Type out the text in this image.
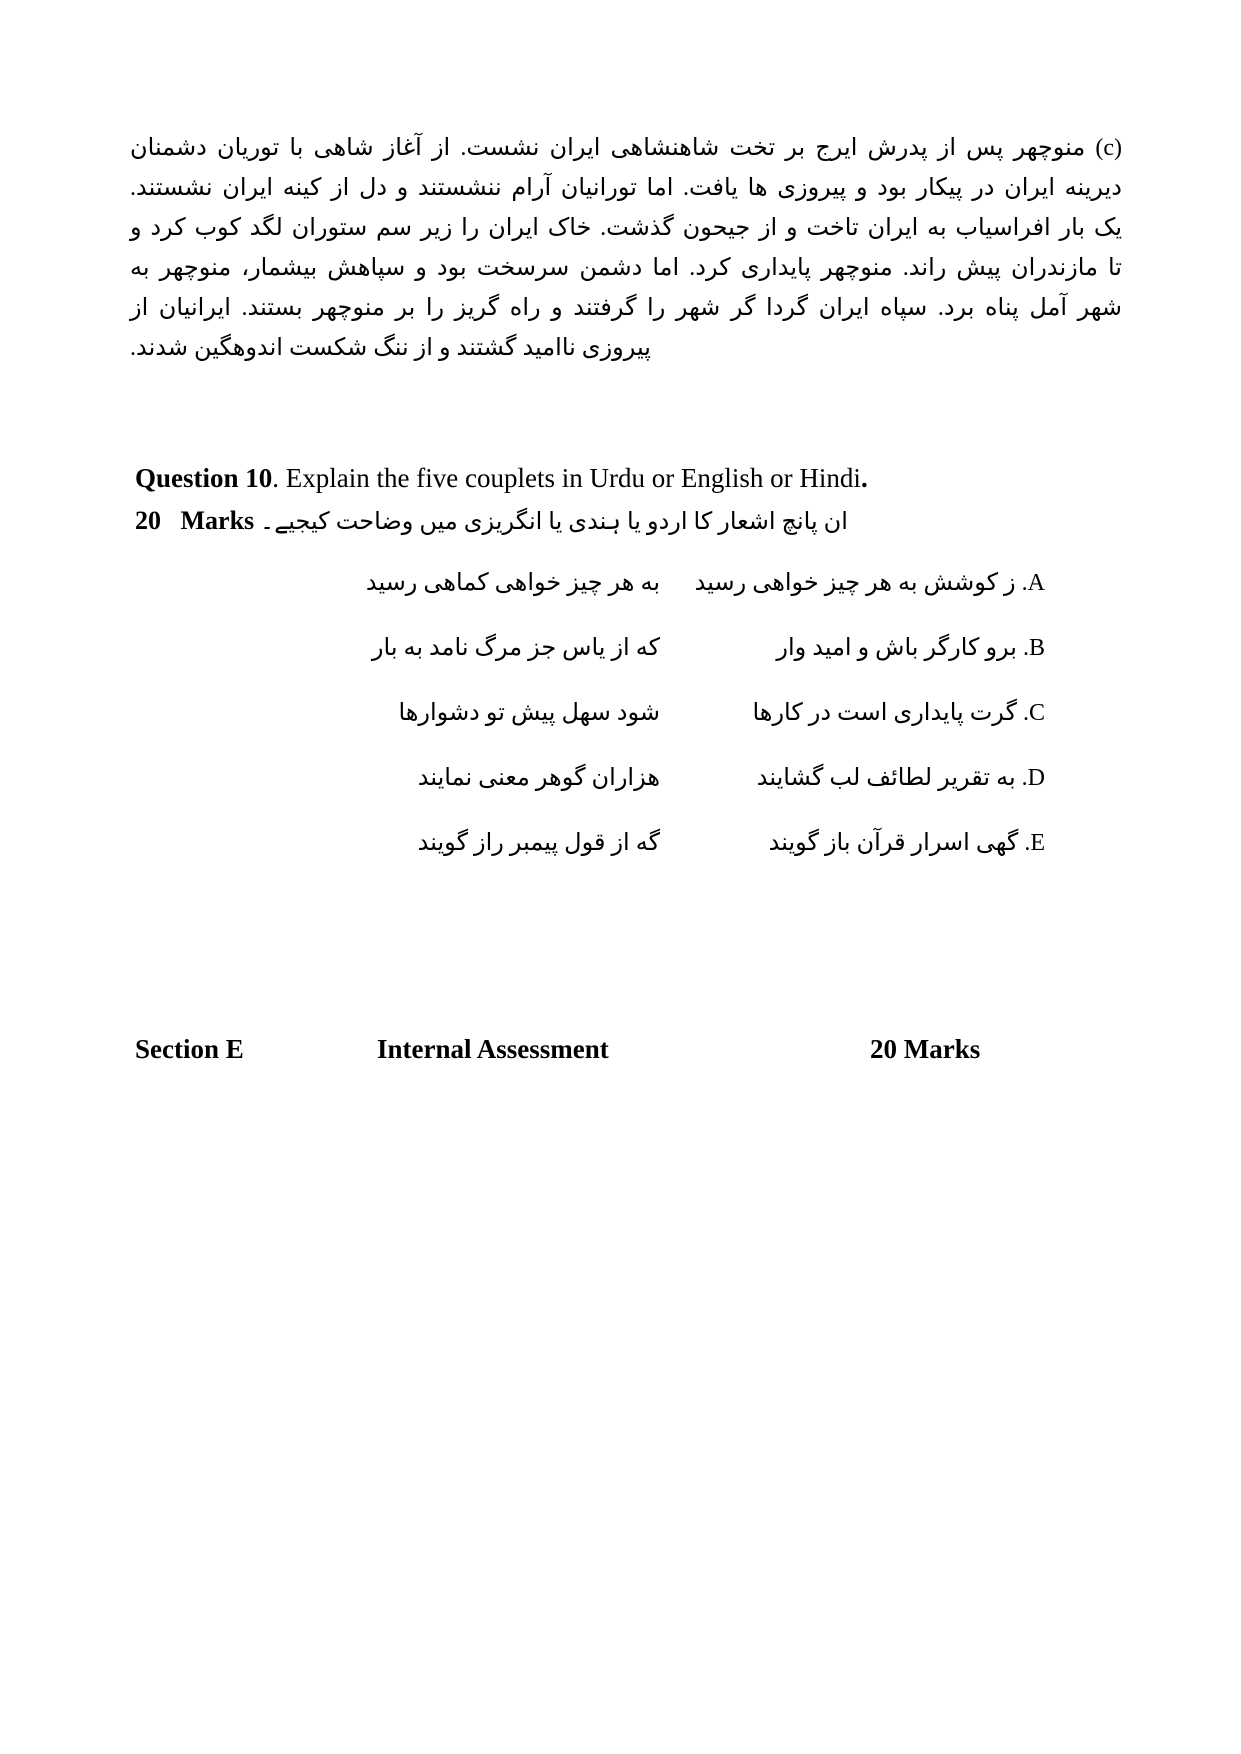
(c) منوچهر پس از پدرش ایرج بر تخت شاهنشاهی ایران نشست. از آغاز شاهی با توریان دشمنان
دیرینه ایران در پیکار بود و پیروزی ها یافت. اما تورانیان آرام ننشستند و دل از کینه ایران نشستند.
یک بار افراسیاب به ایران تاخت و از جیحون گذشت. خاک ایران را زیر سم ستوران لگد کوب کرد و
تا مازندران پیش راند. منوچهر پایداری کرد. اما دشمن سرسخت بود و سپاهش بیشمار، منوچهر به
شهر آمل پناه برد. سپاه ایران گردا گر شهر را گرفتند و راه گریز را بر منوچهر بستند. ایرانیان از
پیروزی ناامید گشتند و از ننگ شکست اندوهگین شدند.
Question 10. Explain the five couplets in Urdu or English or Hindi.
20   Marks ان پانچ اشعار کا اردو یا ہندی یا انگریزی میں وضاحت کیجیے۔
A. ز کوشش به هر چیز خواهی رسید
به هر چیز خواهی کماهی رسید
B. برو کارگر باش و امید وار
که از یاس جز مرگ نامد به بار
C. گرت پایداری است در کارها
شود سهل پیش تو دشوارها
D. به تقریر لطائف لب گشایند
هزاران گوهر معنی نمایند
E. گهی اسرار قرآن باز گویند
گه از قول پیمبر راز گویند
Section E	Internal Assessment	20 Marks
